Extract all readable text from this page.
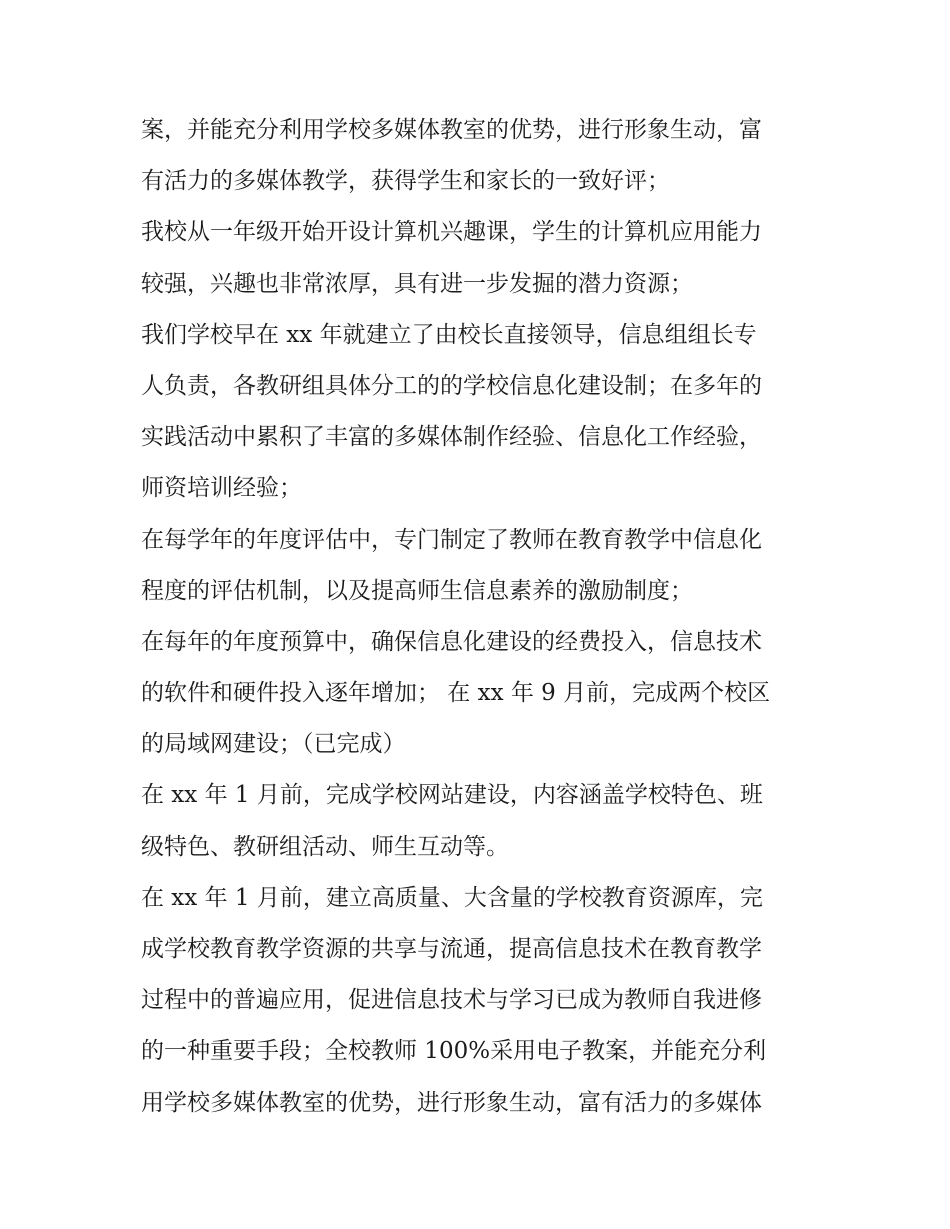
案，并能充分利用学校多媒体教室的优势，进行形象生动，富
有活力的多媒体教学，获得学生和家长的一致好评；
我校从一年级开始开设计算机兴趣课，学生的计算机应用能力
较强，兴趣也非常浓厚，具有进一步发掘的潜力资源；
我们学校早在 xx 年就建立了由校长直接领导，信息组组长专
人负责，各教研组具体分工的的学校信息化建设制；在多年的
实践活动中累积了丰富的多媒体制作经验、信息化工作经验，
师资培训经验；
在每学年的年度评估中，专门制定了教师在教育教学中信息化
程度的评估机制，以及提高师生信息素养的激励制度；
在每年的年度预算中，确保信息化建设的经费投入，信息技术
的软件和硬件投入逐年增加； 在 xx 年 9 月前，完成两个校区
的局域网建设；（已完成）
在 xx 年 1 月前，完成学校网站建设，内容涵盖学校特色、班
级特色、教研组活动、师生互动等。
在 xx 年 1 月前，建立高质量、大含量的学校教育资源库，完
成学校教育教学资源的共享与流通，提高信息技术在教育教学
过程中的普遍应用，促进信息技术与学习已成为教师自我进修
的一种重要手段；全校教师 100%采用电子教案，并能充分利
用学校多媒体教室的优势，进行形象生动，富有活力的多媒体
